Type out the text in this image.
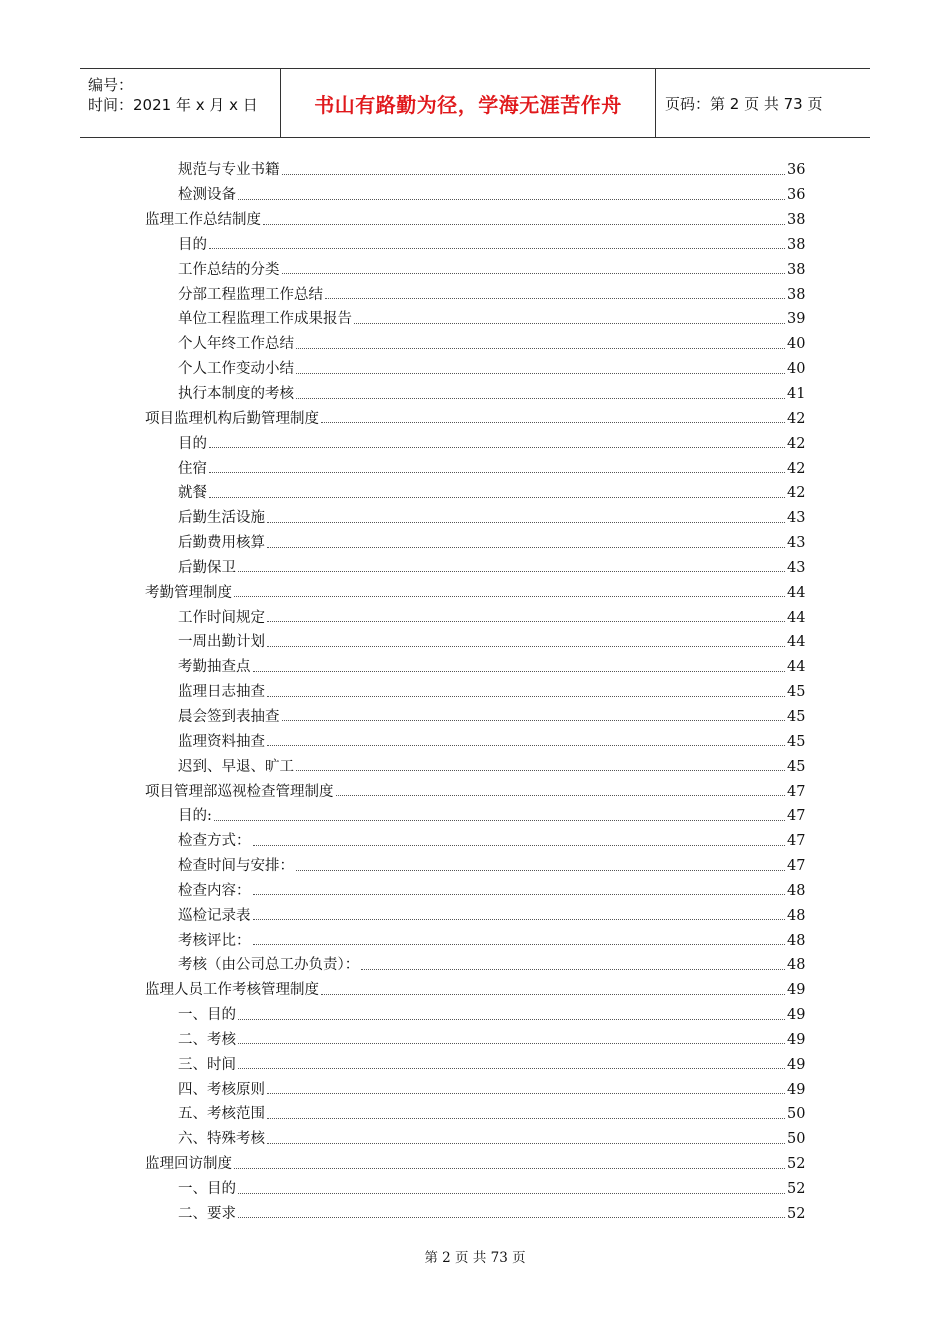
编号：
时间：2021 年 x 月 x 日	书山有路勤为径，学海无涯苦作舟	页码：第 2 页 共 73 页
规范与专业书籍	36
检测设备	36
监理工作总结制度	38
目的	38
工作总结的分类	38
分部工程监理工作总结	38
单位工程监理工作成果报告	39
个人年终工作总结	40
个人工作变动小结	40
执行本制度的考核	41
项目监理机构后勤管理制度	42
目的	42
住宿	42
就餐	42
后勤生活设施	43
后勤费用核算	43
后勤保卫	43
考勤管理制度	44
工作时间规定	44
一周出勤计划	44
考勤抽查点	44
监理日志抽查	45
晨会签到表抽查	45
监理资料抽查	45
迟到、早退、旷工	45
项目管理部巡视检查管理制度	47
目的:	47
检查方式：	47
检查时间与安排：	47
检查内容：	48
巡检记录表	48
考核评比：	48
考核（由公司总工办负责）：	48
监理人员工作考核管理制度	49
一、目的	49
二、考核	49
三、时间	49
四、考核原则	49
五、考核范围	50
六、特殊考核	50
监理回访制度	52
一、目的	52
二、要求	52
第 2 页 共 73 页
